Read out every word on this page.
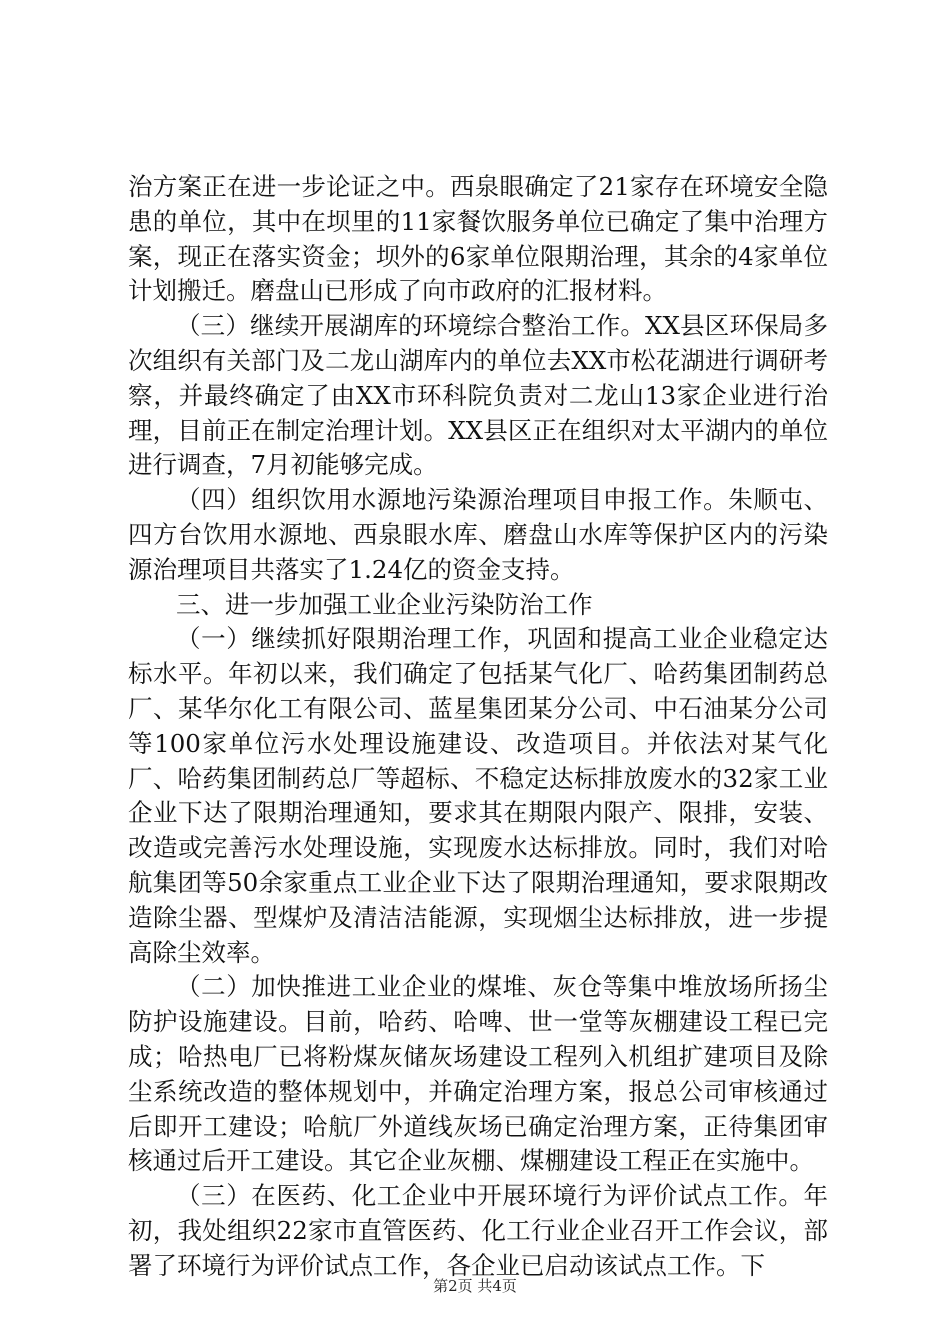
治方案正在进一步论证之中。西泉眼确定了21家存在环境安全隐患的单位，其中在坝里的11家餐饮服务单位已确定了集中治理方案，现正在落实资金；坝外的6家单位限期治理，其余的4家单位计划搬迁。磨盘山已形成了向市政府的汇报材料。

（三）继续开展湖库的环境综合整治工作。XX县区环保局多次组织有关部门及二龙山湖库内的单位去XX市松花湖进行调研考察，并最终确定了由XX市环科院负责对二龙山13家企业进行治理，目前正在制定治理计划。XX县区正在组织对太平湖内的单位进行调查，7月初能够完成。

（四）组织饮用水源地污染源治理项目申报工作。朱顺屯、四方台饮用水源地、西泉眼水库、磨盘山水库等保护区内的污染源治理项目共落实了1.24亿的资金支持。

三、进一步加强工业企业污染防治工作

（一）继续抓好限期治理工作，巩固和提高工业企业稳定达标水平。年初以来，我们确定了包括某气化厂、哈药集团制药总厂、某华尔化工有限公司、蓝星集团某分公司、中石油某分公司等100家单位污水处理设施建设、改造项目。并依法对某气化厂、哈药集团制药总厂等超标、不稳定达标排放废水的32家工业企业下达了限期治理通知，要求其在期限内限产、限排，安装、改造或完善污水处理设施，实现废水达标排放。同时，我们对哈航集团等50余家重点工业企业下达了限期治理通知，要求限期改造除尘器、型煤炉及清洁洁能源，实现烟尘达标排放，进一步提高除尘效率。

（二）加快推进工业企业的煤堆、灰仓等集中堆放场所扬尘防护设施建设。目前，哈药、哈啤、世一堂等灰棚建设工程已完成；哈热电厂已将粉煤灰储灰场建设工程列入机组扩建项目及除尘系统改造的整体规划中，并确定治理方案，报总公司审核通过后即开工建设；哈航厂外道线灰场已确定治理方案，正待集团审核通过后开工建设。其它企业灰棚、煤棚建设工程正在实施中。

（三）在医药、化工企业中开展环境行为评价试点工作。年初，我处组织22家市直管医药、化工行业企业召开工作会议，部署了环境行为评价试点工作，各企业已启动该试点工作。下

第2页 共4页
